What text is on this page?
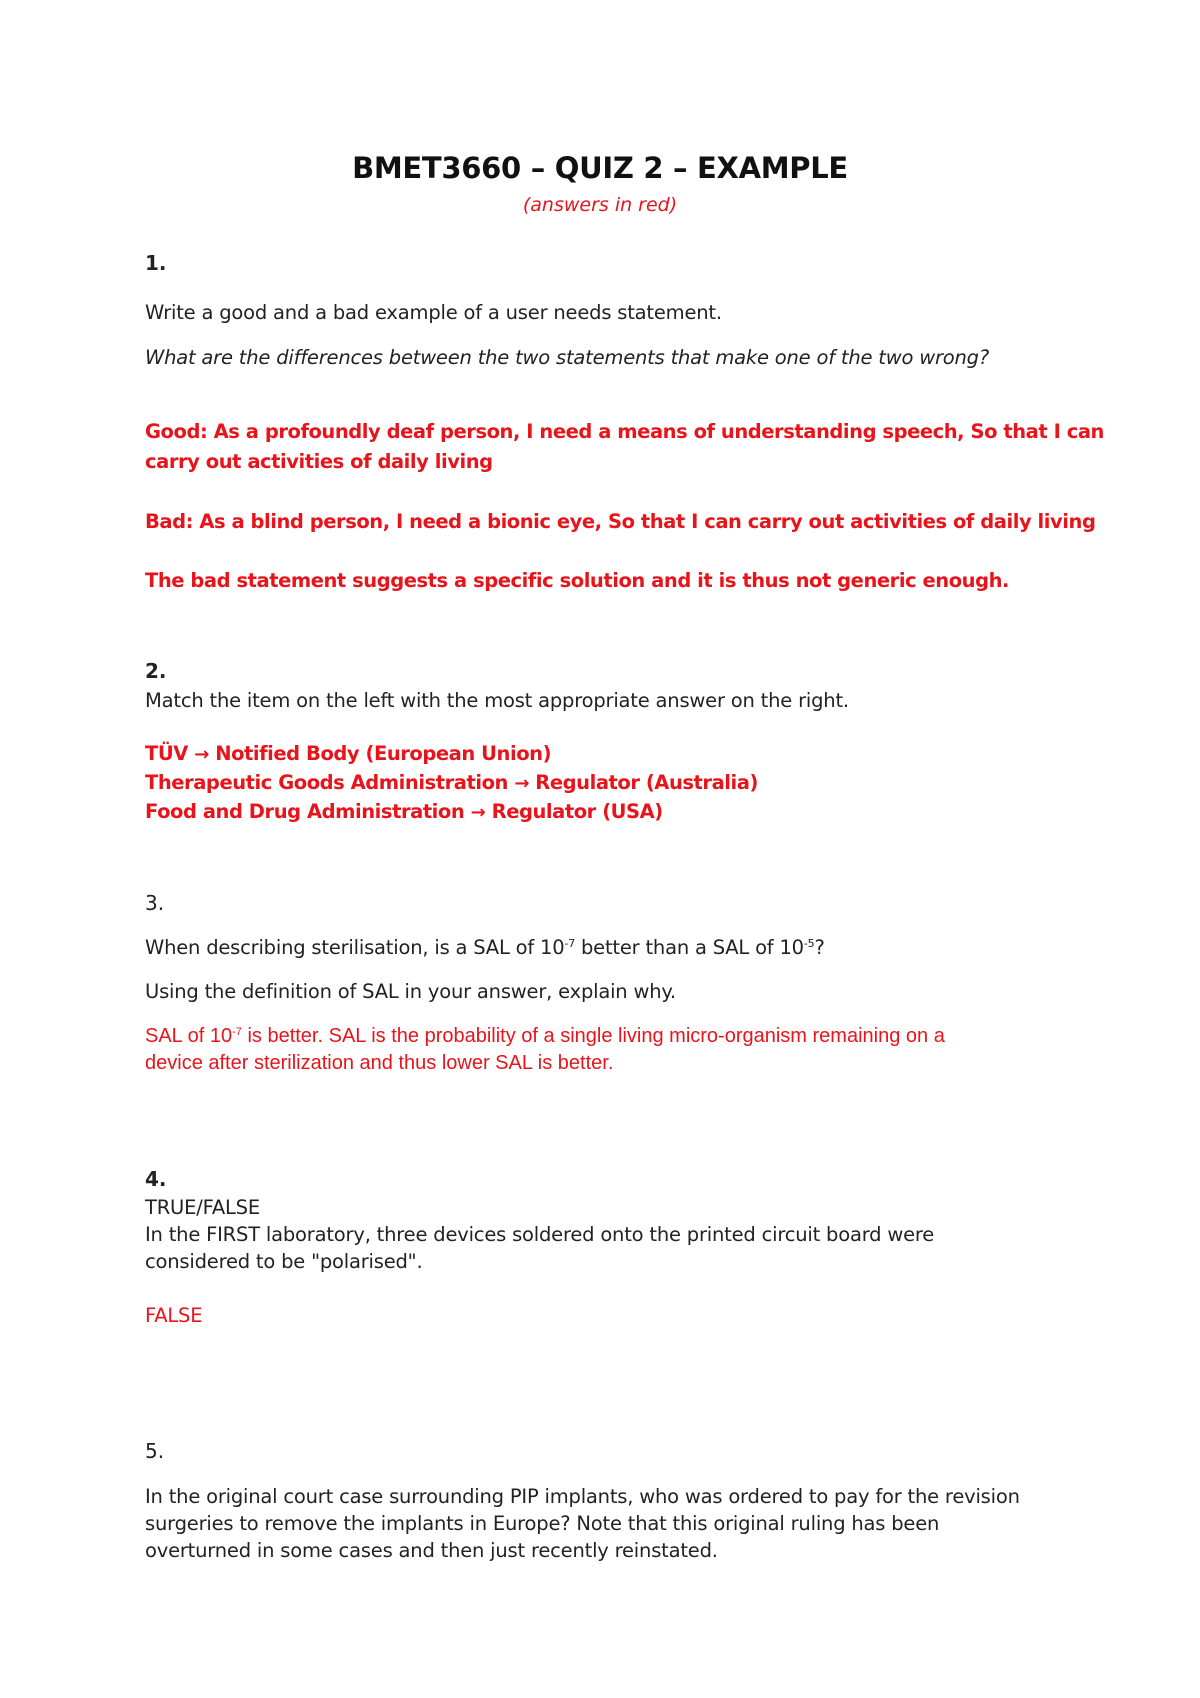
BMET3660 – QUIZ 2 – EXAMPLE
(answers in red)
1.
Write a good and a bad example of a user needs statement.
What are the differences between the two statements that make one of the two wrong?
Good: As a profoundly deaf person, I need a means of understanding speech, So that I can
carry out activities of daily living
Bad: As a blind person, I need a bionic eye, So that I can carry out activities of daily living
The bad statement suggests a specific solution and it is thus not generic enough.
2.
Match the item on the left with the most appropriate answer on the right.
TÜV → Notified Body (European Union)
Therapeutic Goods Administration → Regulator (Australia)
Food and Drug Administration → Regulator (USA)
3.
When describing sterilisation, is a SAL of $10^{-7}$ better than a SAL of $10^{-5}$?
Using the definition of SAL in your answer, explain why.
SAL of $10^{-7}$ is better. SAL is the probability of a single living micro-organism remaining on a
device after sterilization and thus lower SAL is better.
4.
TRUE/FALSE
In the FIRST laboratory, three devices soldered onto the printed circuit board were
considered to be "polarised".
FALSE
5.
In the original court case surrounding PIP implants, who was ordered to pay for the revision
surgeries to remove the implants in Europe? Note that this original ruling has been
overturned in some cases and then just recently reinstated.
